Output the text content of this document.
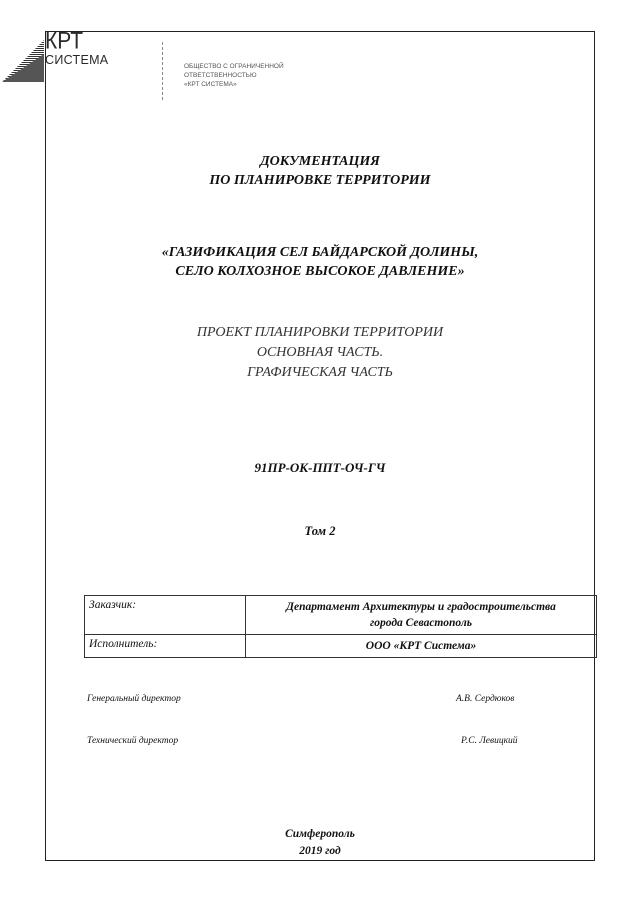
КРТ
СИСТЕМА	ОБЩЕСТВО С ОГРАНИЧЕННОЙ
ОТВЕТСТВЕННОСТЬЮ
«КРТ СИСТЕМА»
ДОКУМЕНТАЦИЯ
ПО ПЛАНИРОВКЕ ТЕРРИТОРИИ
«ГАЗИФИКАЦИЯ СЕЛ БАЙДАРСКОЙ ДОЛИНЫ,
СЕЛО КОЛХОЗНОЕ ВЫСОКОЕ ДАВЛЕНИЕ»
ПРОЕКТ ПЛАНИРОВКИ ТЕРРИТОРИИ
ОСНОВНАЯ ЧАСТЬ.
ГРАФИЧЕСКАЯ ЧАСТЬ
91ПР-ОК-ППТ-ОЧ-ГЧ
Том 2
Заказчик:	Департамент Архитектуры и градостроительства
города Севастополь

Исполнитель:	ООО «КРТ Система»
Генеральный директор	А.В. Сердюков
Технический директор	Р.С. Левицкий
Симферополь
2019 год
